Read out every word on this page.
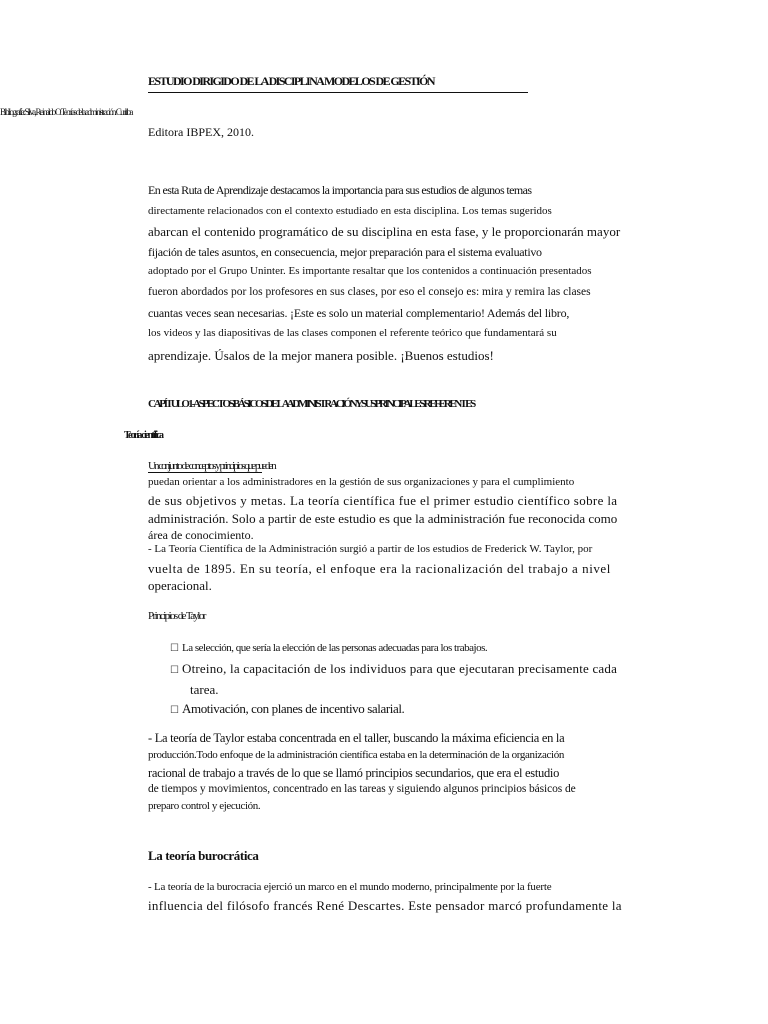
ESTUDIO DIRIGIDO DE LA DISCIPLINA MODELOS DE GESTIÓN
Bibliografía: Silva, Reinaldo O. Teorías de la administración. Curitiba
Editora IBPEX, 2010.
En esta Ruta de Aprendizaje destacamos la importancia para sus estudios de algunos temas
directamente relacionados con el contexto estudiado en esta disciplina. Los temas sugeridos
abarcan el contenido programático de su disciplina en esta fase, y le proporcionarán mayor
fijación de tales asuntos, en consecuencia, mejor preparación para el sistema evaluativo
adoptado por el Grupo Uninter. Es importante resaltar que los contenidos a continuación presentados
fueron abordados por los profesores en sus clases, por eso el consejo es: mira y remira las clases
cuantas veces sean necesarias. ¡Este es solo un material complementario! Además del libro,
los videos y las diapositivas de las clases componen el referente teórico que fundamentará su
aprendizaje. Úsalos de la mejor manera posible. ¡Buenos estudios!
CAPÍTULO 1 - ASPECTOS BÁSICOS DE LA ADMINISTRACIÓN Y SUS PRINCIPALES REFERENTES
Teoría científica
Un conjunto de conceptos y principios que pueden
puedan orientar a los administradores en la gestión de sus organizaciones y para el cumplimiento
de sus objetivos y metas. La teoría científica fue el primer estudio científico sobre la
administración. Solo a partir de este estudio es que la administración fue reconocida como
área de conocimiento.
- La Teoría Científica de la Administración surgió a partir de los estudios de Frederick W. Taylor, por
vuelta de 1895. En su teoría, el enfoque era la racionalización del trabajo a nivel
operacional.
Principios de Taylor
☐ La selección, que sería la elección de las personas adecuadas para los trabajos.
☐ Otreino, la capacitación de los individuos para que ejecutaran precisamente cada
tarea.
☐ Amotivación, con planes de incentivo salarial.
- La teoría de Taylor estaba concentrada en el taller, buscando la máxima eficiencia en la
producción.Todo enfoque de la administración científica estaba en la determinación de la organización
racional de trabajo a través de lo que se llamó principios secundarios, que era el estudio
de tiempos y movimientos, concentrado en las tareas y siguiendo algunos principios básicos de
preparo control y ejecución.
La teoría burocrática
- La teoría de la burocracia ejerció un marco en el mundo moderno, principalmente por la fuerte
influencia del filósofo francés René Descartes. Este pensador marcó profundamente la
